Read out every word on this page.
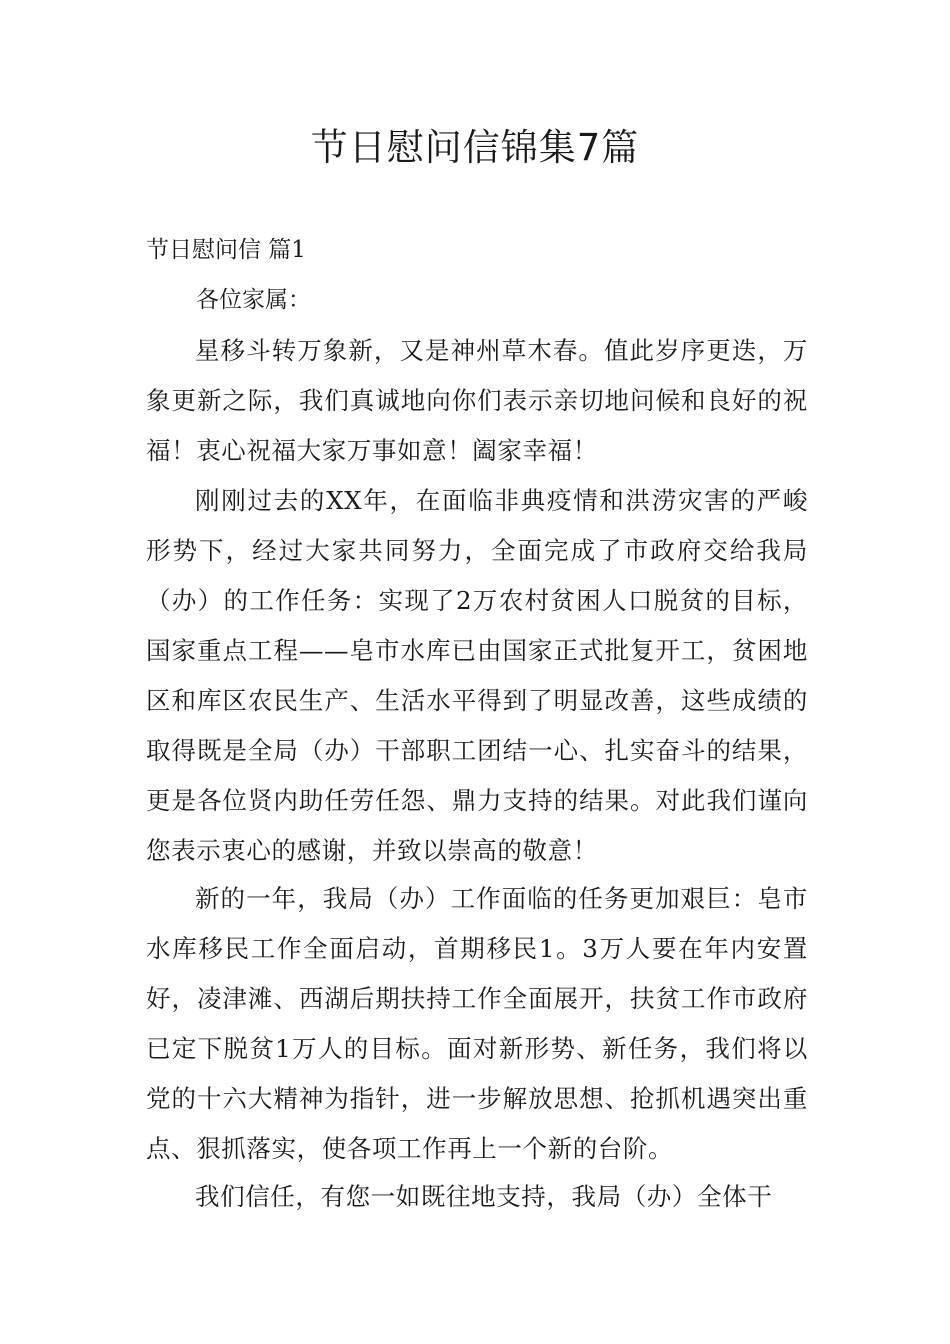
节日慰问信锦集7篇
节日慰问信 篇1

各位家属：

星移斗转万象新，又是神州草木春。值此岁序更迭，万象更新之际，我们真诚地向你们表示亲切地问候和良好的祝福！衷心祝福大家万事如意！阖家幸福！

刚刚过去的XX年，在面临非典疫情和洪涝灾害的严峻形势下，经过大家共同努力，全面完成了市政府交给我局（办）的工作任务：实现了2万农村贫困人口脱贫的目标，国家重点工程——皂市水库已由国家正式批复开工，贫困地区和库区农民生产、生活水平得到了明显改善，这些成绩的取得既是全局（办）干部职工团结一心、扎实奋斗的结果，更是各位贤内助任劳任怨、鼎力支持的结果。对此我们谨向您表示衷心的感谢，并致以崇高的敬意！

新的一年，我局（办）工作面临的任务更加艰巨：皂市水库移民工作全面启动，首期移民1。3万人要在年内安置好，凌津滩、西湖后期扶持工作全面展开，扶贫工作市政府已定下脱贫1万人的目标。面对新形势、新任务，我们将以党的十六大精神为指针，进一步解放思想、抢抓机遇突出重点、狠抓落实，使各项工作再上一个新的台阶。

我们信任，有您一如既往地支持，我局（办）全体干
